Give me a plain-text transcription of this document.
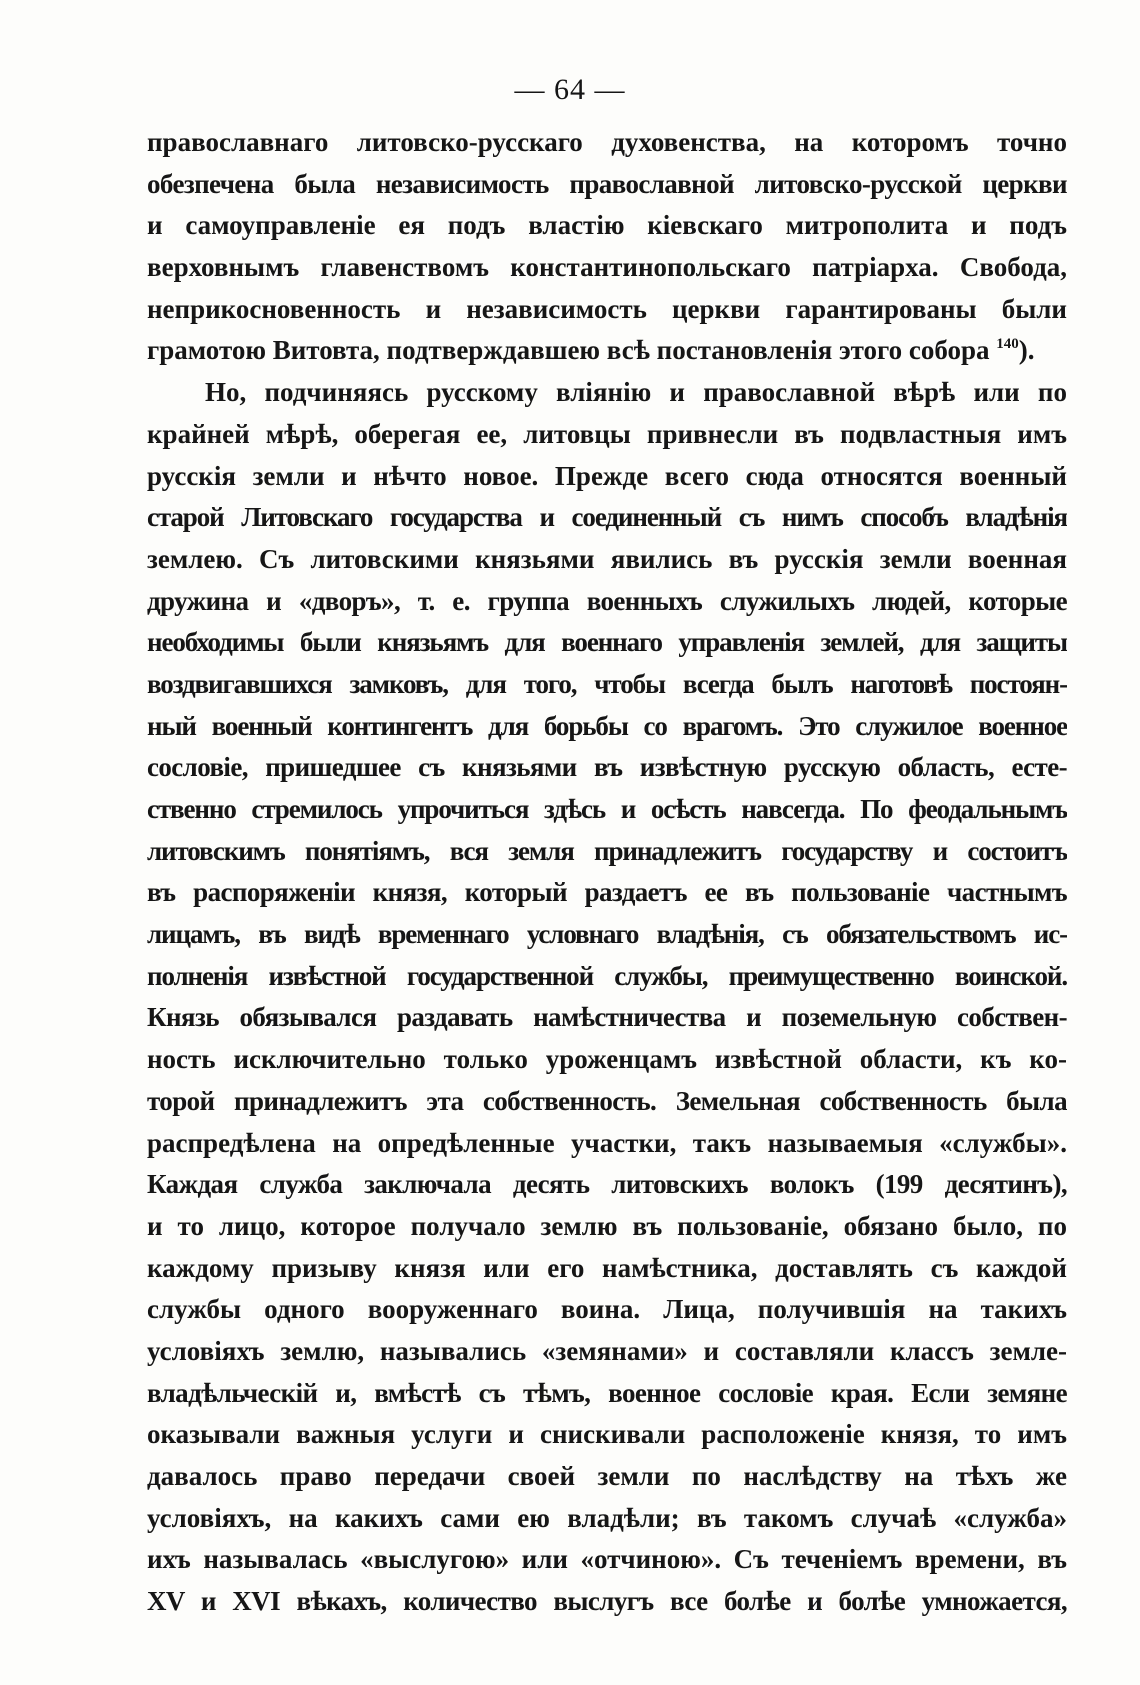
— 64 —
православнаго литовско-русскаго духовенства, на которомъ точно
обезпечена была независимость православной литовско-русской церкви
и самоуправленіе ея подъ властію кіевскаго митрополита и подъ
верховнымъ главенствомъ константинопольскаго патріарха. Свобода,
неприкосновенность и независимость церкви гарантированы были
грамотою Витовта, подтверждавшею всѣ постановленія этого собора $^{140}$).
Но, подчиняясь русскому вліянію и православной вѣрѣ или по
крайней мѣрѣ, оберегая ее, литовцы привнесли въ подвластныя имъ
русскія земли и нѣчто новое. Прежде всего сюда относятся военный
старой Литовскаго государства и соединенный съ нимъ способъ владѣнія
землею. Съ литовскими князьями явились въ русскія земли военная
дружина и «дворъ», т. е. группа военныхъ служилыхъ людей, которые
необходимы были князьямъ для военнаго управленія землей, для защиты
воздвигавшихся замковъ, для того, чтобы всегда былъ наготовѣ постоян-
ный военный контингентъ для борьбы со врагомъ. Это служилое военное
сословіе, пришедшее съ князьями въ извѣстную русскую область, есте-
ственно стремилось упрочиться здѣсь и осѣсть навсегда. По феодальнымъ
литовскимъ понятіямъ, вся земля принадлежитъ государству и состоитъ
въ распоряженіи князя, который раздаетъ ее въ пользованіе частнымъ
лицамъ, въ видѣ временнаго условнаго владѣнія, съ обязательствомъ ис-
полненія извѣстной государственной службы, преимущественно воинской.
Князь обязывался раздавать намѣстничества и поземельную собствен-
ность исключительно только уроженцамъ извѣстной области, къ ко-
торой принадлежитъ эта собственность. Земельная собственность была
распредѣлена на опредѣленные участки, такъ называемыя «службы».
Каждая служба заключала десять литовскихъ волокъ (199 десятинъ),
и то лицо, которое получало землю въ пользованіе, обязано было, по
каждому призыву князя или его намѣстника, доставлять съ каждой
службы одного вооруженнаго воина. Лица, получившія на такихъ
условіяхъ землю, назывались «земянами» и составляли классъ земле-
владѣльческій и, вмѣстѣ съ тѣмъ, военное сословіе края. Если земяне
оказывали важныя услуги и снискивали расположеніе князя, то имъ
давалось право передачи своей земли по наслѣдству на тѣхъ же
условіяхъ, на какихъ сами ею владѣли; въ такомъ случаѣ «служба»
ихъ называлась «выслугою» или «отчиною». Съ теченіемъ времени, въ
XV и XVI вѣкахъ, количество выслугъ все болѣе и болѣе умножается,
